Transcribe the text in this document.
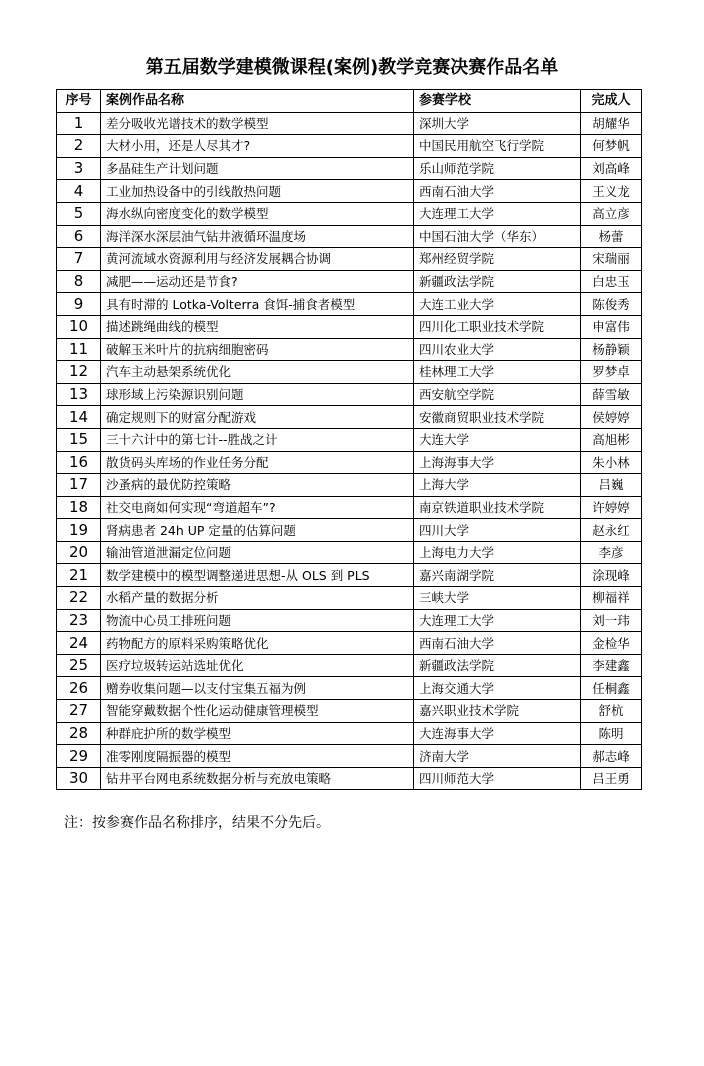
第五届数学建模微课程(案例)教学竞赛决赛作品名单
序号	案例作品名称	参赛学校	完成人
1	差分吸收光谱技术的数学模型	深圳大学	胡耀华
2	大材小用，还是人尽其才?	中国民用航空飞行学院	何梦帆
3	多晶硅生产计划问题	乐山师范学院	刘高峰
4	工业加热设备中的引线散热问题	西南石油大学	王义龙
5	海水纵向密度变化的数学模型	大连理工大学	高立彦
6	海洋深水深层油气钻井液循环温度场	中国石油大学（华东）	杨蕾
7	黄河流域水资源利用与经济发展耦合协调	郑州经贸学院	宋瑞丽
8	减肥——运动还是节食?	新疆政法学院	白忠玉
9	具有时滞的 Lotka-Volterra 食饵-捕食者模型	大连工业大学	陈俊秀
10	描述跳绳曲线的模型	四川化工职业技术学院	申富伟
11	破解玉米叶片的抗病细胞密码	四川农业大学	杨静颖
12	汽车主动悬架系统优化	桂林理工大学	罗梦卓
13	球形域上污染源识别问题	西安航空学院	薛雪敏
14	确定规则下的财富分配游戏	安徽商贸职业技术学院	侯婷婷
15	三十六计中的第七计--胜战之计	大连大学	高旭彬
16	散货码头库场的作业任务分配	上海海事大学	朱小林
17	沙蚤病的最优防控策略	上海大学	吕巍
18	社交电商如何实现“弯道超车”?	南京铁道职业技术学院	许婷婷
19	肾病患者 24h UP 定量的估算问题	四川大学	赵永红
20	输油管道泄漏定位问题	上海电力大学	李彦
21	数学建模中的模型调整递进思想-从 OLS 到 PLS	嘉兴南湖学院	涂现峰
22	水稻产量的数据分析	三峡大学	柳福祥
23	物流中心员工排班问题	大连理工大学	刘一玮
24	药物配方的原料采购策略优化	西南石油大学	金检华
25	医疗垃圾转运站选址优化	新疆政法学院	李建鑫
26	赠券收集问题—以支付宝集五福为例	上海交通大学	任桐鑫
27	智能穿戴数据个性化运动健康管理模型	嘉兴职业技术学院	舒杭
28	种群庇护所的数学模型	大连海事大学	陈明
29	准零刚度隔振器的模型	济南大学	郝志峰
30	钻井平台网电系统数据分析与充放电策略	四川师范大学	吕王勇
注：按参赛作品名称排序，结果不分先后。
